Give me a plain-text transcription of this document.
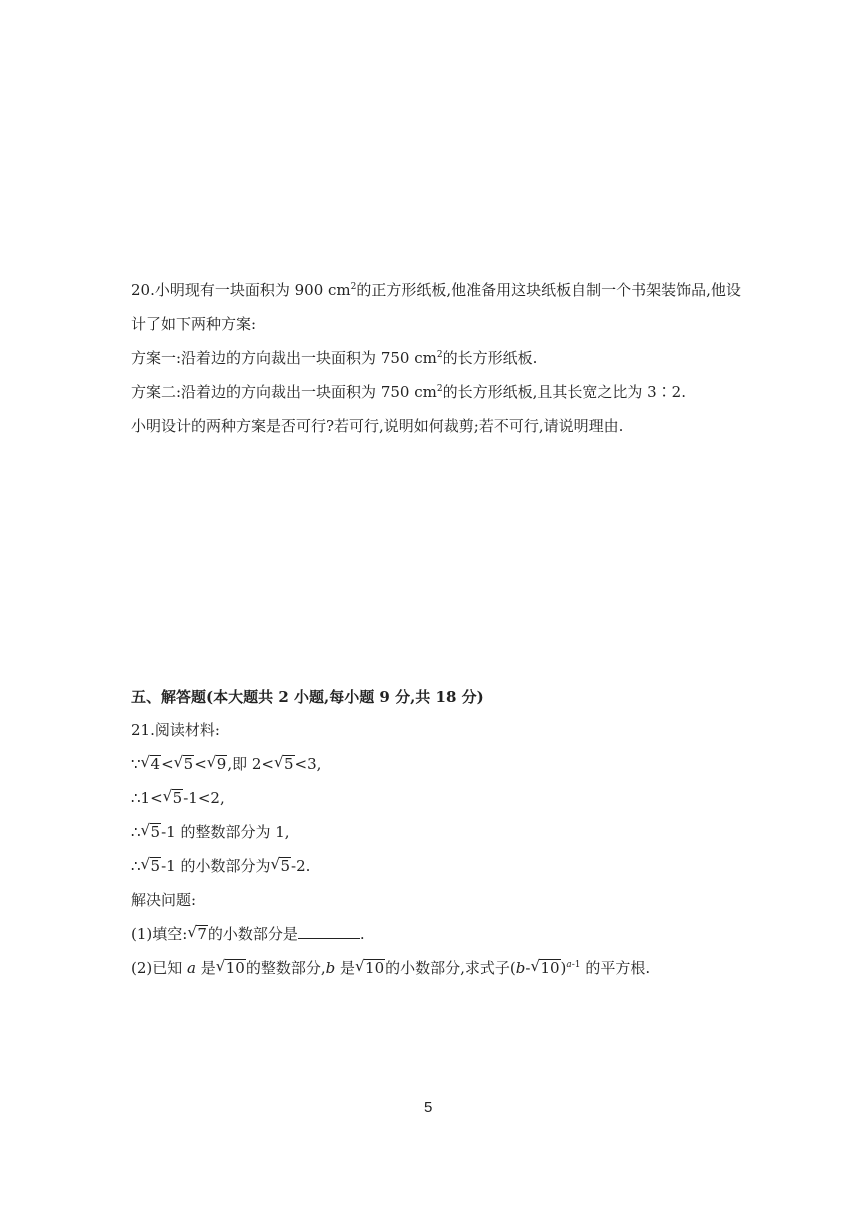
20.小明现有一块面积为 900 $cm^2$的正方形纸板,他准备用这块纸板自制一个书架装饰品,他设
计了如下两种方案:
方案一:沿着边的方向裁出一块面积为 750 $cm^2$的长方形纸板.
方案二:沿着边的方向裁出一块面积为 750 $cm^2$的长方形纸板,且其长宽之比为 3∶2.
小明设计的两种方案是否可行?若可行,说明如何裁剪;若不可行,请说明理由.
五、解答题(本大题共 2 小题,每小题 9 分,共 18 分)
21.阅读材料:
∵ √ 4< √ 5< √ 9,即 2< √ 5<3,
∴1< √ 5-1<2,
∴ √ 5-1 的整数部分为 1,
∴ √ 5-1 的小数部分为 √ 5-2.
解决问题:
(1)填空: √ 7的小数部分是	.
(2)已知 a 是 √ 10的整数部分,b 是 √ 10的小数部分,求式子(b- √ 10)$^{a-1}$ 的平方根.
5
